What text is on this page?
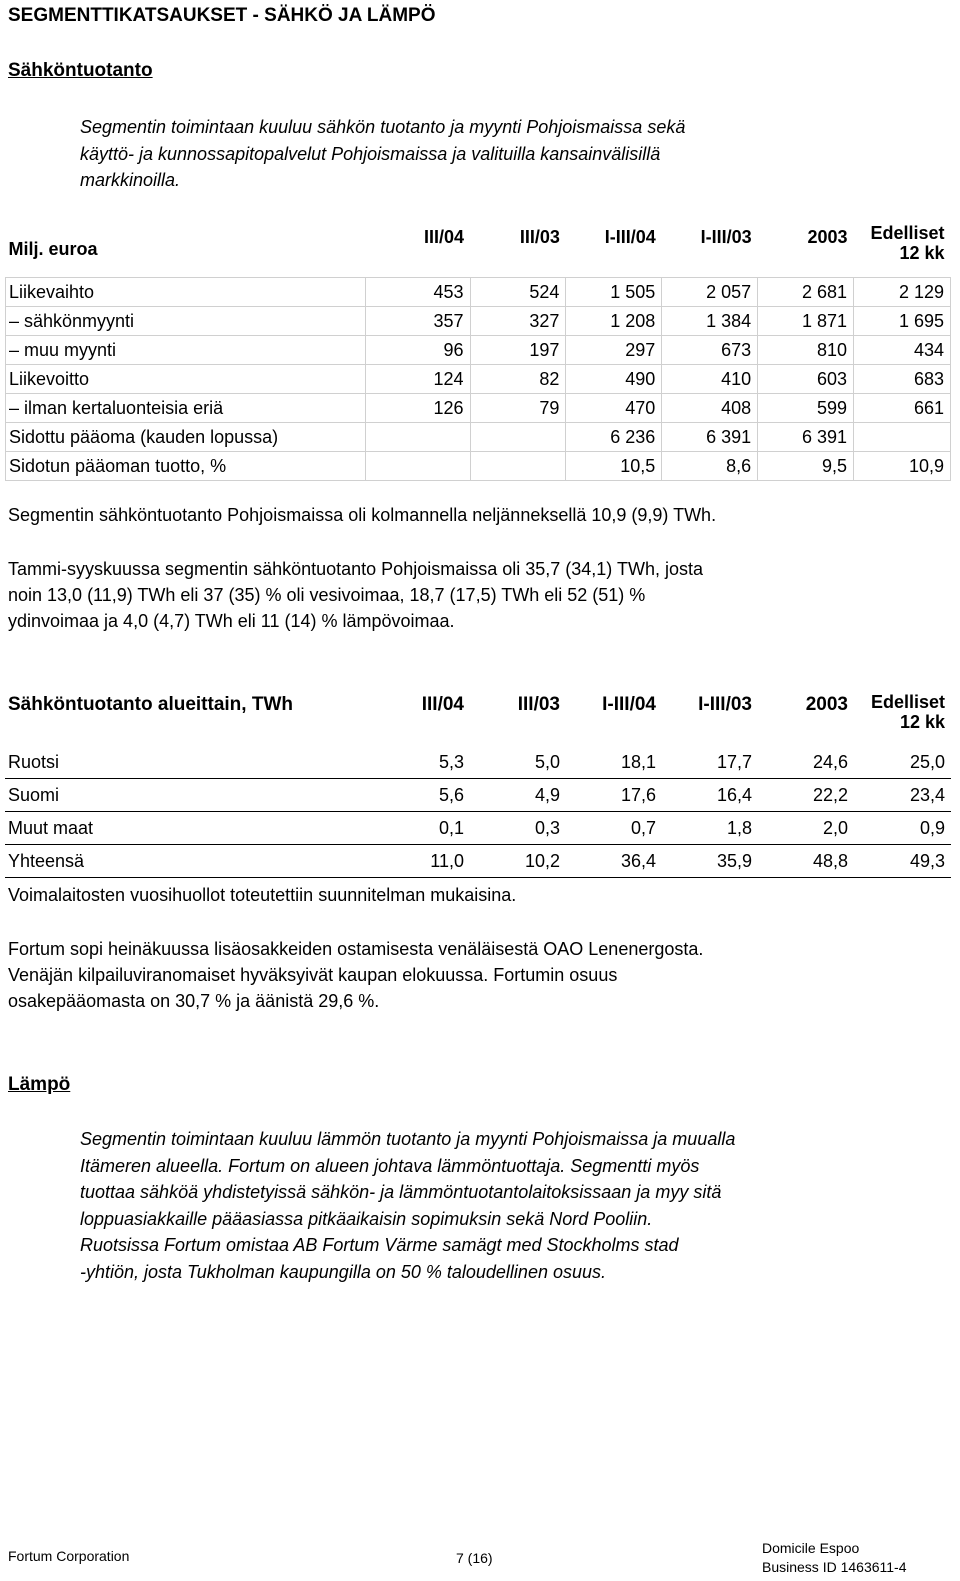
SEGMENTTIKATSAUKSET - SÄHKÖ JA LÄMPÖ
Sähköntuotanto
Segmentin toimintaan kuuluu sähkön tuotanto ja myynti Pohjoismaissa sekä
käyttö- ja kunnossapitopalvelut Pohjoismaissa ja valituilla kansainvälisillä
markkinoilla.
Milj. euroa	III/04	III/03	I-III/04	I-III/03	2003	Edelliset
12 kk

Liikevaihto	453	524	1 505	2 057	2 681	2 129
– sähkönmyynti	357	327	1 208	1 384	1 871	1 695
– muu myynti	96	197	297	673	810	434
Liikevoitto	124	82	490	410	603	683
– ilman kertaluonteisia eriä	126	79	470	408	599	661
Sidottu pääoma (kauden lopussa)			6 236	6 391	6 391	
Sidotun pääoman tuotto, %			10,5	8,6	9,5	10,9
Segmentin sähköntuotanto Pohjoismaissa oli kolmannella neljänneksellä 10,9 (9,9) TWh.
Tammi-syyskuussa segmentin sähköntuotanto Pohjoismaissa oli 35,7 (34,1) TWh, josta
noin 13,0 (11,9) TWh eli 37 (35) % oli vesivoimaa, 18,7 (17,5) TWh eli 52 (51) %
ydinvoimaa ja 4,0 (4,7) TWh eli 11 (14) % lämpövoimaa.
Sähköntuotanto alueittain, TWh	III/04	III/03	I-III/04	I-III/03	2003	Edelliset
12 kk

Ruotsi	5,3	5,0	18,1	17,7	24,6	25,0
Suomi	5,6	4,9	17,6	16,4	22,2	23,4
Muut maat	0,1	0,3	0,7	1,8	2,0	0,9
Yhteensä	11,0	10,2	36,4	35,9	48,8	49,3
Voimalaitosten vuosihuollot toteutettiin suunnitelman mukaisina.
Fortum sopi heinäkuussa lisäosakkeiden ostamisesta venäläisestä OAO Lenenergosta.
Venäjän kilpailuviranomaiset hyväksyivät kaupan elokuussa. Fortumin osuus
osakepääomasta on 30,7 % ja äänistä 29,6 %.
Lämpö
Segmentin toimintaan kuuluu lämmön tuotanto ja myynti Pohjoismaissa ja muualla
Itämeren alueella. Fortum on alueen johtava lämmöntuottaja. Segmentti myös
tuottaa sähköä yhdistetyissä sähkön- ja lämmöntuotantolaitoksissaan ja myy sitä
loppuasiakkaille pääasiassa pitkäaikaisin sopimuksin sekä Nord Pooliin.
Ruotsissa Fortum omistaa AB Fortum Värme samägt med Stockholms stad
-yhtiön, josta Tukholman kaupungilla on 50 % taloudellinen osuus.
Fortum Corporation	7 (16)
Domicile Espoo
Business ID 1463611-4
